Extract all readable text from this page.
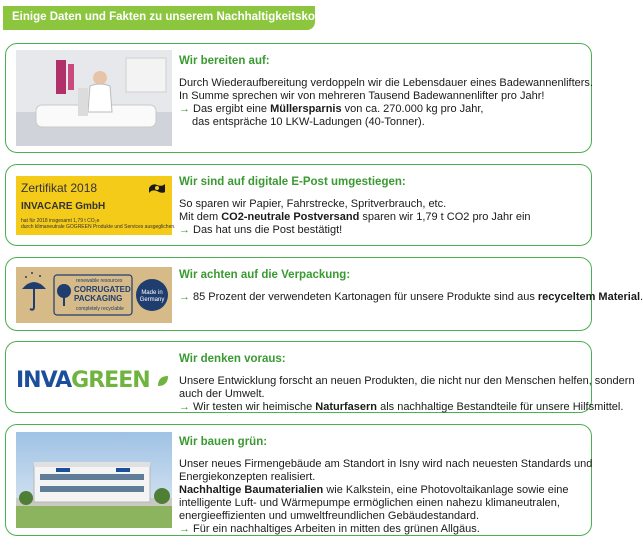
Einige Daten und Fakten zu unserem Nachhaltigkeitskonzept:
Wir bereiten auf:
Durch Wiederaufbereitung verdoppeln wir die Lebensdauer eines Badewannenlifters.
In Summe sprechen wir von mehreren Tausend Badewannenlifter pro Jahr!
→ Das ergibt eine Müllersparnis von ca. 270.000 kg pro Jahr,
das entspräche 10 LKW-Ladungen (40-Tonner).
Zertifikat 2018
INVACARE GmbH
hat für 2018 insgesamt 1,79 t CO₂e
durch klimaneutrale GOGREEN Produkte und Services ausgeglichen.
Wir sind auf digitale E-Post umgestiegen:
So sparen wir Papier, Fahrstrecke, Spritverbrauch, etc.
Mit dem CO2-neutrale Postversand sparen wir 1,79 t CO2 pro Jahr ein
→ Das hat uns die Post bestätigt!
renewable resources
CORRUGATED
PACKAGING
completely recyclable
Made in
Germany
Wir achten auf die Verpackung:
→ 85 Prozent der verwendeten Kartonagen für unsere Produkte sind aus recyceltem Material.
INVAGREEN
Wir denken voraus:
Unsere Entwicklung forscht an neuen Produkten, die nicht nur den Menschen helfen, sondern
auch der Umwelt.
→ Wir testen wir heimische Naturfasern als nachhaltige Bestandteile für unsere Hilfsmittel.
Wir bauen grün:
Unser neues Firmengebäude am Standort in Isny wird nach neuesten Standards und
Energiekonzepten realisiert.
Nachhaltige Baumaterialien wie Kalkstein, eine Photovoltaikanlage sowie eine
intelligente Luft- und Wärmepumpe ermöglichen einen nahezu klimaneutralen,
energieeffizienten und umweltfreundlichen Gebäudestandard.
→ Für ein nachhaltiges Arbeiten in mitten des grünen Allgäus.
